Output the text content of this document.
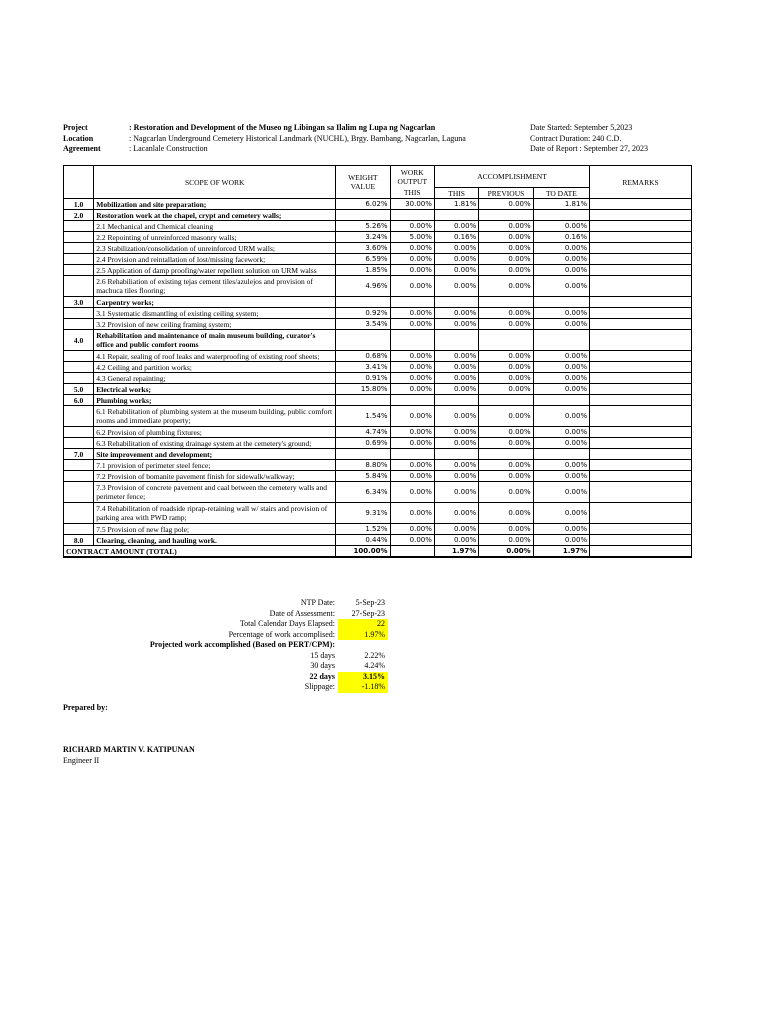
Project	: Restoration and Development of the Museo ng Libingan sa Ilalim ng Lupa ng Nagcarlan
Location	: Nagcarlan Underground Cemetery Historical Landmark (NUCHL), Brgy. Bambang, Nagcarlan, Laguna
Agreement	: Lacanlale Construction
Date Started: September 5,2023
Contract Duration: 240 C.D.
Date of Report : September 27, 2023
	SCOPE OF WORK	WEIGHT VALUE	WORK OUTPUT	ACCOMPLISHMENT			REMARKS
			THIS	THIS	PREVIOUS	TO DATE	
1.0	Mobilization and site preparation;	6.02%	30.00%	1.81%	0.00%	1.81%	
2.0	Restoration work at the chapel, crypt and cemetery walls;						
	2.1 Mechanical and Chemical cleaning	5.26%	0.00%	0.00%	0.00%	0.00%	
	2.2 Repointing of unreinforced masonry walls;	3.24%	5.00%	0.16%	0.00%	0.16%	
	2.3 Stabilization/consolidation of unreinforced URM walls;	3.60%	0.00%	0.00%	0.00%	0.00%	
	2.4 Provision and reintallation of lost/missing facework;	6.59%	0.00%	0.00%	0.00%	0.00%	
	2.5 Application of damp proofing/water repellent solution on URM walss	1.85%	0.00%	0.00%	0.00%	0.00%	
	2.6 Rehabiliation of existing tejas cement tiles/azulejos and provision of machuca tiles flooring;	4.96%	0.00%	0.00%	0.00%	0.00%	
3.0	Carpentry works;						
	3.1 Systematic dismantling of existing ceiling system;	0.92%	0.00%	0.00%	0.00%	0.00%	
	3.2 Provision of new ceiling framing system;	3.54%	0.00%	0.00%	0.00%	0.00%	
4.0	Rehabilitation and maintenance of main museum building, curator's office and public comfort rooms						
	4.1 Repair, sealing of roof leaks and waterproofing of existing roof sheets;	0.68%	0.00%	0.00%	0.00%	0.00%	
	4.2 Ceiling and partition works;	3.41%	0.00%	0.00%	0.00%	0.00%	
	4.3 General repainting;	0.91%	0.00%	0.00%	0.00%	0.00%	
5.0	Electrical works;	15.80%	0.00%	0.00%	0.00%	0.00%	
6.0	Plumbing works;						
	6.1 Rehabilitation of plumbing system at the museum building, public comfort rooms and immediate property;	1.54%	0.00%	0.00%	0.00%	0.00%	
	6.2 Provision of plumbing fixtures;	4.74%	0.00%	0.00%	0.00%	0.00%	
	6.3 Rehabilitation of existing drainage system at the cemetery's ground;	0.69%	0.00%	0.00%	0.00%	0.00%	
7.0	Site improvement and development;						
	7.1 provision of perimeter steel fence;	8.80%	0.00%	0.00%	0.00%	0.00%	
	7.2 Provision of bomanite pavement finish for sidewalk/walkway;	5.84%	0.00%	0.00%	0.00%	0.00%	
	7.3 Provision of concrete pavement and caal between the cemetery walls and perimeter fence;	6.34%	0.00%	0.00%	0.00%	0.00%	
	7.4 Rehabilitation of roadside riprap-retaining wall w/ stairs and provision of parking area with PWD ramp;	9.31%	0.00%	0.00%	0.00%	0.00%	
	7.5 Provision of new flag pole;	1.52%	0.00%	0.00%	0.00%	0.00%	
8.0	Clearing, cleaning, and hauling work.	0.44%	0.00%	0.00%	0.00%	0.00%	
CONTRACT AMOUNT (TOTAL)		100.00%		1.97%	0.00%	1.97%	
NTP Date:	5-Sep-23
Date of Assessment:	27-Sep-23
Total Calendar Days Elapsed:	22
Percentage of work accomplised:	1.97%
Projected work accomplished (Based on PERT/CPM):
15 days	2.22%
30 days	4.24%
22 days	3.15%
Slippage:	-1.18%
Prepared by:
RICHARD MARTIN V. KATIPUNAN
Engineer II
